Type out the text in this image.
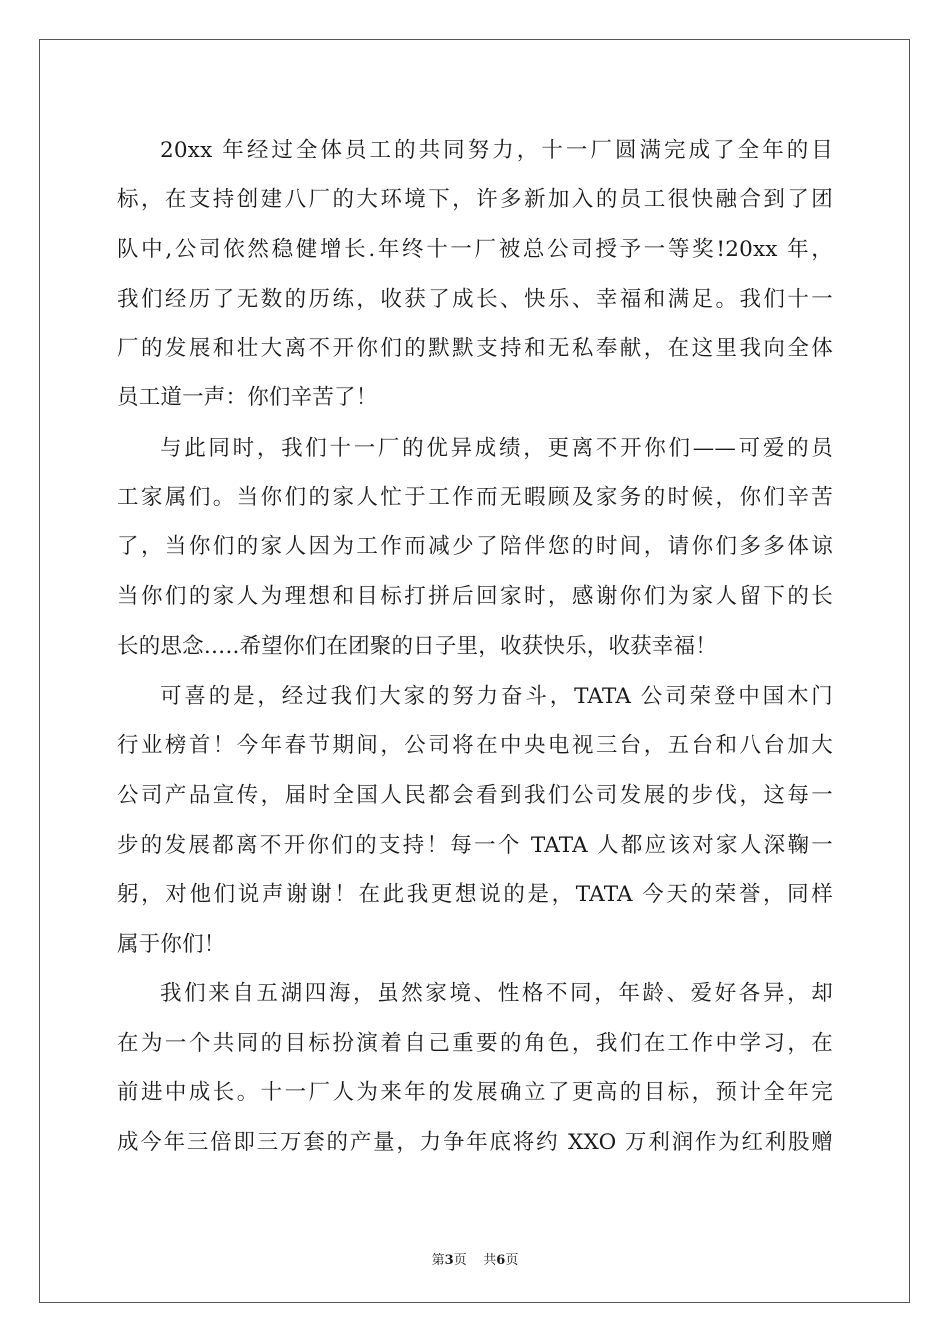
20xx 年经过全体员工的共同努力，十一厂圆满完成了全年的目
标，在支持创建八厂的大环境下，许多新加入的员工很快融合到了团
队中,公司依然稳健增长.年终十一厂被总公司授予一等奖!20xx 年，
我们经历了无数的历练，收获了成长、快乐、幸福和满足。我们十一
厂的发展和壮大离不开你们的默默支持和无私奉献，在这里我向全体
员工道一声：你们辛苦了！
与此同时，我们十一厂的优异成绩，更离不开你们——可爱的员
工家属们。当你们的家人忙于工作而无暇顾及家务的时候，你们辛苦
了，当你们的家人因为工作而减少了陪伴您的时间，请你们多多体谅
当你们的家人为理想和目标打拼后回家时，感谢你们为家人留下的长
长的思念…..希望你们在团聚的日子里，收获快乐，收获幸福！
可喜的是，经过我们大家的努力奋斗，TATA 公司荣登中国木门
行业榜首！今年春节期间，公司将在中央电视三台，五台和八台加大
公司产品宣传，届时全国人民都会看到我们公司发展的步伐，这每一
步的发展都离不开你们的支持！每一个 TATA 人都应该对家人深鞠一
躬，对他们说声谢谢！在此我更想说的是，TATA 今天的荣誉，同样
属于你们！
我们来自五湖四海，虽然家境、性格不同，年龄、爱好各异，却
在为一个共同的目标扮演着自己重要的角色，我们在工作中学习，在
前进中成长。十一厂人为来年的发展确立了更高的目标，预计全年完
成今年三倍即三万套的产量，力争年底将约 XXO 万利润作为红利股赠
第3页 共6页
